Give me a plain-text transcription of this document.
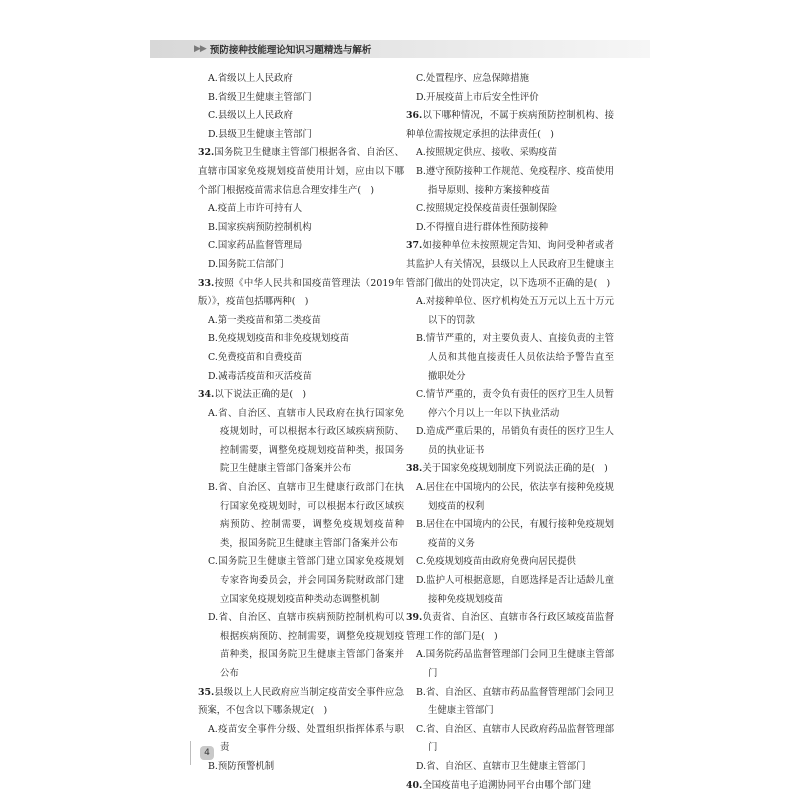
▶▶ 预防接种技能理论知识习题精选与解析
A.省级以上人民政府
B.省级卫生健康主管部门
C.县级以上人民政府
D.县级卫生健康主管部门
32.国务院卫生健康主管部门根据各省、自治区、直辖市国家免疫规划疫苗使用计划，应由以下哪个部门根据疫苗需求信息合理安排生产(　)
A.疫苗上市许可持有人
B.国家疾病预防控制机构
C.国家药品监督管理局
D.国务院工信部门
33.按照《中华人民共和国疫苗管理法（2019年版）》，疫苗包括哪两种(　)
A.第一类疫苗和第二类疫苗
B.免疫规划疫苗和非免疫规划疫苗
C.免费疫苗和自费疫苗
D.减毒活疫苗和灭活疫苗
34.以下说法正确的是(　)
A.省、自治区、直辖市人民政府在执行国家免疫规划时，可以根据本行政区域疾病预防、控制需要，调整免疫规划疫苗种类，报国务院卫生健康主管部门备案并公布
B.省、自治区、直辖市卫生健康行政部门在执行国家免疫规划时，可以根据本行政区域疾病预防、控制需要，调整免疫规划疫苗种类，报国务院卫生健康主管部门备案并公布
C.国务院卫生健康主管部门建立国家免疫规划专家咨询委员会，并会同国务院财政部门建立国家免疫规划疫苗种类动态调整机制
D.省、自治区、直辖市疾病预防控制机构可以根据疾病预防、控制需要，调整免疫规划疫苗种类，报国务院卫生健康主管部门备案并公布
35.县级以上人民政府应当制定疫苗安全事件应急预案，不包含以下哪条规定(　)
A.疫苗安全事件分级、处置组织指挥体系与职责
B.预防预警机制
C.处置程序、应急保障措施
D.开展疫苗上市后安全性评价
36.以下哪种情况，不属于疾病预防控制机构、接种单位需按规定承担的法律责任(　)
A.按照规定供应、接收、采购疫苗
B.遵守预防接种工作规范、免疫程序、疫苗使用指导原则、接种方案接种疫苗
C.按照规定投保疫苗责任强制保险
D.不得擅自进行群体性预防接种
37.如接种单位未按照规定告知、询问受种者或者其监护人有关情况，县级以上人民政府卫生健康主管部门做出的处罚决定，以下选项不正确的是(　)
A.对接种单位、医疗机构处五万元以上五十万元以下的罚款
B.情节严重的，对主要负责人、直接负责的主管人员和其他直接责任人员依法给予警告直至撤职处分
C.情节严重的，责令负有责任的医疗卫生人员暂停六个月以上一年以下执业活动
D.造成严重后果的，吊销负有责任的医疗卫生人员的执业证书
38.关于国家免疫规划制度下列说法正确的是(　)
A.居住在中国境内的公民，依法享有接种免疫规划疫苗的权利
B.居住在中国境内的公民，有履行接种免疫规划疫苗的义务
C.免疫规划疫苗由政府免费向居民提供
D.监护人可根据意愿，自愿选择是否让适龄儿童接种免疫规划疫苗
39.负责省、自治区、直辖市各行政区域疫苗监督管理工作的部门是(　)
A.国务院药品监督管理部门会同卫生健康主管部门
B.省、自治区、直辖市药品监督管理部门会同卫生健康主管部门
C.省、自治区、直辖市人民政府药品监督管理部门
D.省、自治区、直辖市卫生健康主管部门
40.全国疫苗电子追溯协同平台由哪个部门建
4
